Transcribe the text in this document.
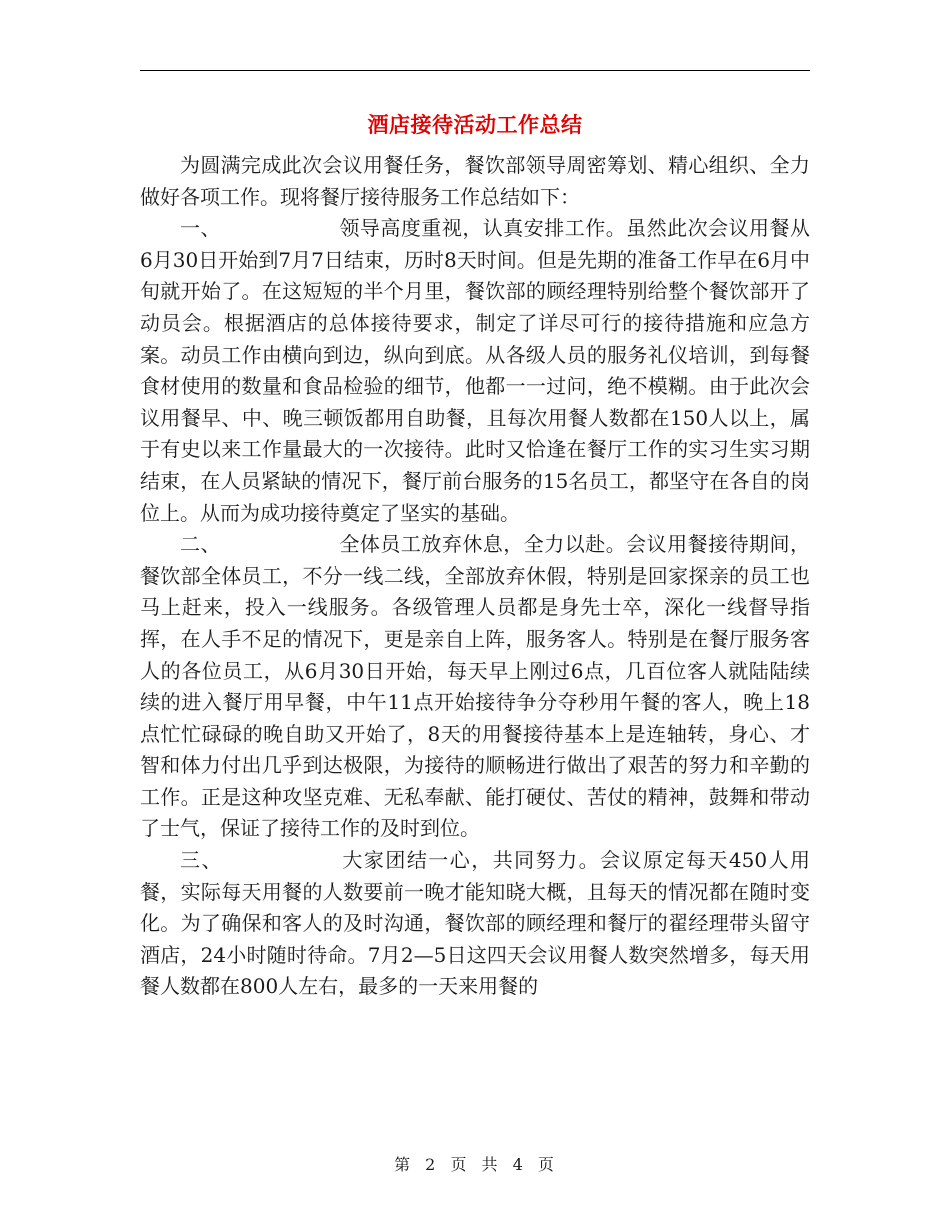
酒店接待活动工作总结

为圆满完成此次会议用餐任务，餐饮部领导周密筹划、精心组织、全力做好各项工作。现将餐厅接待服务工作总结如下：

一、	领导高度重视，认真安排工作。虽然此次会议用餐从6月30日开始到7月7日结束，历时8天时间。但是先期的准备工作早在6月中旬就开始了。在这短短的半个月里，餐饮部的顾经理特别给整个餐饮部开了动员会。根据酒店的总体接待要求，制定了详尽可行的接待措施和应急方案。动员工作由横向到边，纵向到底。从各级人员的服务礼仪培训，到每餐食材使用的数量和食品检验的细节，他都一一过问，绝不模糊。由于此次会议用餐早、中、晚三顿饭都用自助餐，且每次用餐人数都在150人以上，属于有史以来工作量最大的一次接待。此时又恰逢在餐厅工作的实习生实习期结束，在人员紧缺的情况下，餐厅前台服务的15名员工，都坚守在各自的岗位上。从而为成功接待奠定了坚实的基础。

二、	全体员工放弃休息，全力以赴。会议用餐接待期间，餐饮部全体员工，不分一线二线，全部放弃休假，特别是回家探亲的员工也马上赶来，投入一线服务。各级管理人员都是身先士卒，深化一线督导指挥，在人手不足的情况下，更是亲自上阵，服务客人。特别是在餐厅服务客人的各位员工，从6月30日开始，每天早上刚过6点，几百位客人就陆陆续续的进入餐厅用早餐，中午11点开始接待争分夺秒用午餐的客人，晚上18点忙忙碌碌的晚自助又开始了，8天的用餐接待基本上是连轴转，身心、才智和体力付出几乎到达极限，为接待的顺畅进行做出了艰苦的努力和辛勤的工作。正是这种攻坚克难、无私奉献、能打硬仗、苦仗的精神，鼓舞和带动了士气，保证了接待工作的及时到位。

三、	大家团结一心，共同努力。会议原定每天450人用餐，实际每天用餐的人数要前一晚才能知晓大概，且每天的情况都在随时变化。为了确保和客人的及时沟通，餐饮部的顾经理和餐厅的翟经理带头留守酒店，24小时随时待命。7月2—5日这四天会议用餐人数突然增多，每天用餐人数都在800人左右，最多的一天来用餐的

第 2 页 共 4 页
